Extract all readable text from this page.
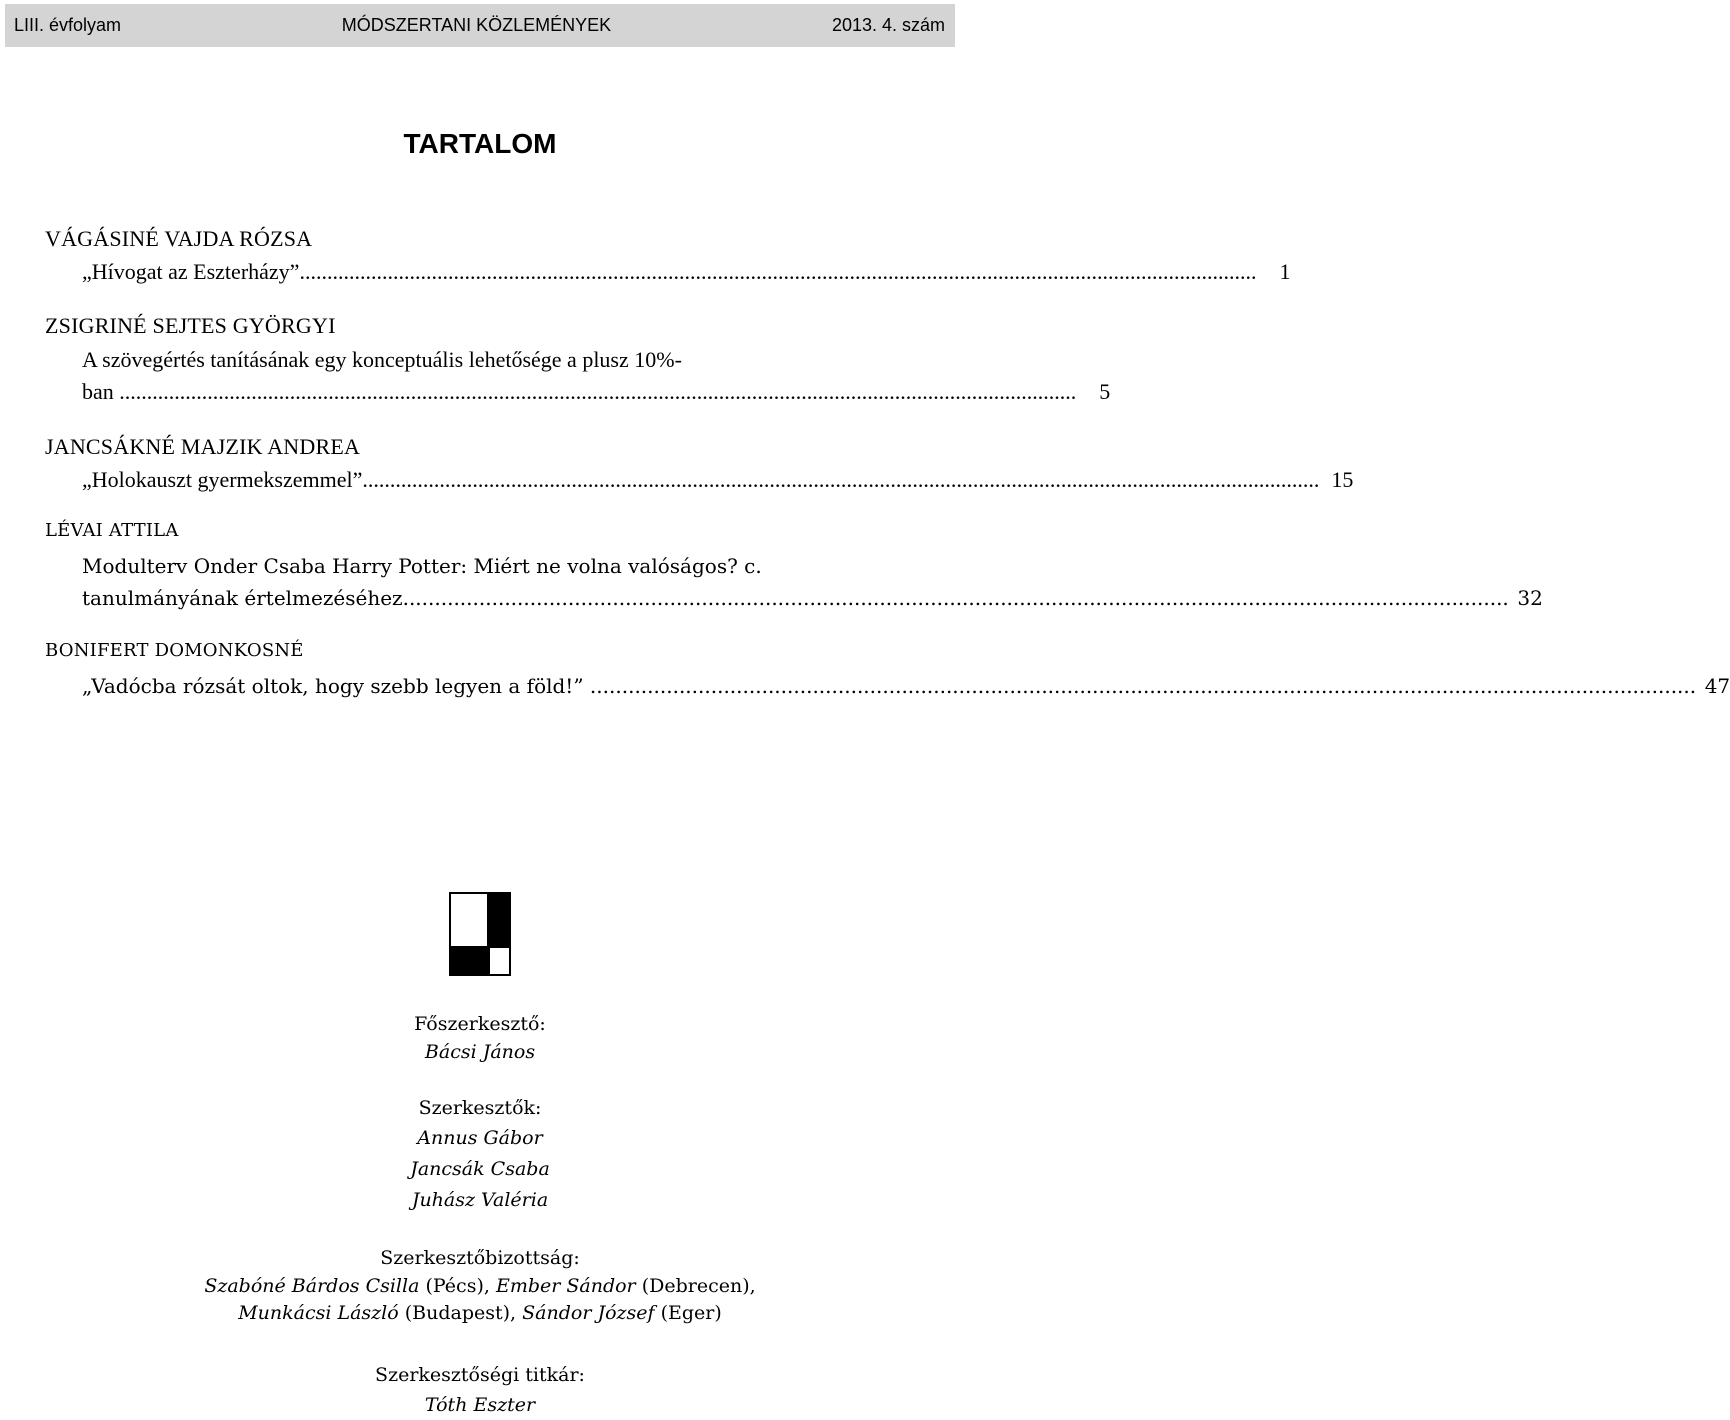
LIII. évfolyam	MÓDSZERTANI KÖZLEMÉNYEK	2013. 4. szám
TARTALOM
VÁGÁSINÉ VAJDA RÓZSA
„Hívogat az Eszterházy” ..............................................................................................................................................................................	1
ZSIGRINÉ SEJTES GYÖRGYI
A szövegértés tanításának egy konceptuális lehetősége a plusz 10%-
ban ..............................................................................................................................................................................	5
JANCSÁKNÉ MAJZIK ANDREA
„Holokauszt gyermekszemmel” .............................................................................................................................................................................. 15
LÉVAI ATTILA
Modulterv Onder Csaba Harry Potter: Miért ne volna valóságos? c.
tanulmányának értelmezéséhez .............................................................................................................................................................................. 32
BONIFERT DOMONKOSNÉ
„Vadócba rózsát oltok, hogy szebb legyen a föld!” .............................................................................................................................................................................. 47
Főszerkesztő:
Bácsi János
Szerkesztők:
Annus Gábor
Jancsák Csaba
Juhász Valéria
Szerkesztőbizottság:
Szabóné Bárdos Csilla (Pécs), Ember Sándor (Debrecen),
Munkácsi László (Budapest), Sándor József (Eger)
Szerkesztőségi titkár:
Tóth Eszter
